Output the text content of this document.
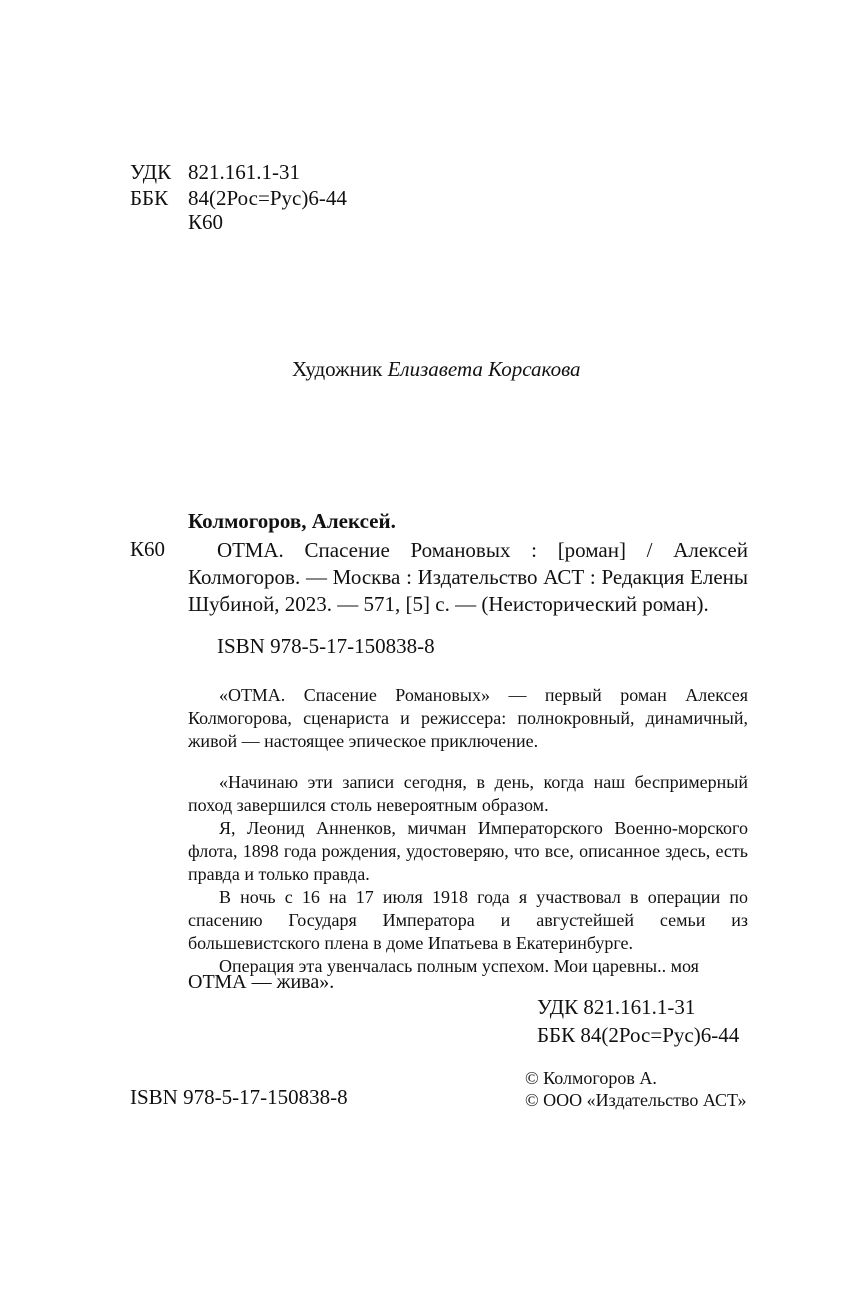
УДК 821.161.1-31
ББК 84(2Рос=Рус)6-44
К60
Художник Елизавета Корсакова
Колмогоров, Алексей.
К60	ОТМА. Спасение Романовых : [роман] / Алексей Колмогоров. — Москва : Издательство АСТ : Редакция Елены Шубиной, 2023. — 571, [5] с. — (Неисторический роман).
ISBN 978-5-17-150838-8

«ОТМА. Спасение Романовых» — первый роман Алексея Колмогорова, сценариста и режиссера: полнокровный, динамичный, живой — настоящее эпическое приключение.

«Начинаю эти записи сегодня, в день, когда наш беспримерный поход завершился столь невероятным образом.

Я, Леонид Анненков, мичман Императорского Военно-морского флота, 1898 года рождения, удостоверяю, что все, описанное здесь, есть правда и только правда.

В ночь с 16 на 17 июля 1918 года я участвовал в операции по спасению Государя Императора и августейшей семьи из большевистского плена в доме Ипатьева в Екатеринбурге.

Операция эта увенчалась полным успехом. Мои царевны.. моя

ОТМА — жива».
УДК 821.161.1-31
ББК 84(2Рос=Рус)6-44
ISBN 978-5-17-150838-8
© Колмогоров А.
© ООО «Издательство АСТ»
